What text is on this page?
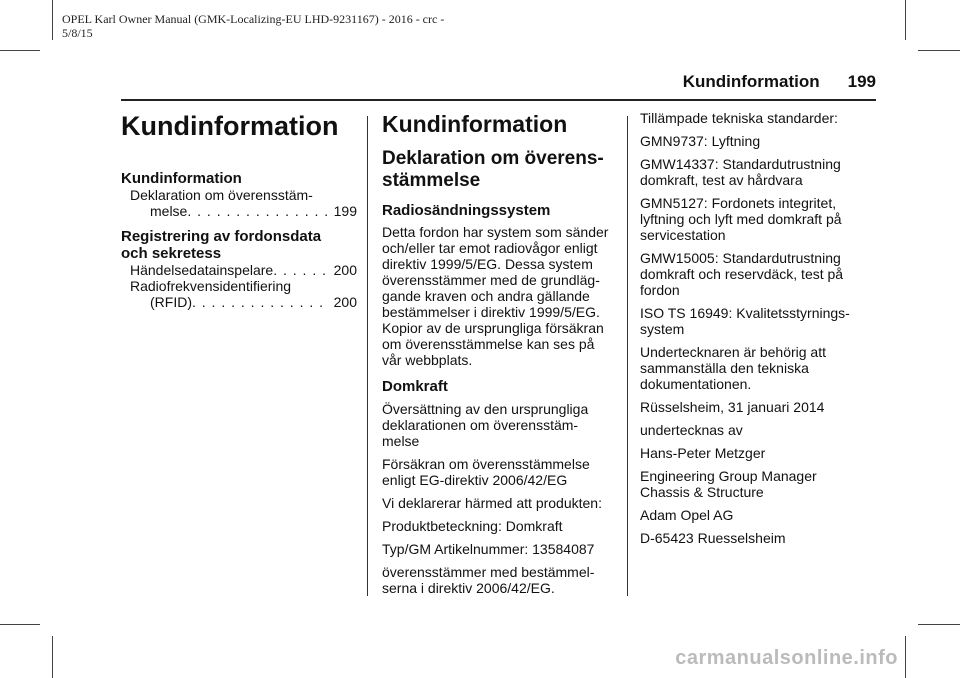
OPEL Karl Owner Manual (GMK-Localizing-EU LHD-9231167) - 2016 - crc -
5/8/15
Kundinformation 199
Kundinformation
Kundinformation
Deklaration om överensstäm-
melse . . .	199
Registrering av fordonsdata
och sekretess
Händelsedatainspelare . . .	200
Radiofrekvensidentifiering
(RFID) . . .	200
Kundinformation
Deklaration om överens-
stämmelse
Radiosändningssystem

Detta fordon har system som sänder
och/eller tar emot radiovågor enligt
direktiv 1999/5/EG. Dessa system
överensstämmer med de grundläg-
gande kraven och andra gällande
bestämmelser i direktiv 1999/5/EG.
Kopior av de ursprungliga försäkran
om överensstämmelse kan ses på
vår webbplats.

Domkraft

Översättning av den ursprungliga
deklarationen om överensstäm-
melse

Försäkran om överensstämmelse
enligt EG-direktiv 2006/42/EG

Vi deklarerar härmed att produkten:

Produktbeteckning: Domkraft

Typ/GM Artikelnummer: 13584087

överensstämmer med bestämmel-
serna i direktiv 2006/42/EG.

Tillämpade tekniska standarder:

GMN9737: Lyftning

GMW14337: Standardutrustning
domkraft, test av hårdvara

GMN5127: Fordonets integritet,
lyftning och lyft med domkraft på
servicestation

GMW15005: Standardutrustning
domkraft och reservdäck, test på
fordon

ISO TS 16949: Kvalitetsstyrnings-
system

Undertecknaren är behörig att
sammanställa den tekniska
dokumentationen.

Rüsselsheim, 31 januari 2014

undertecknas av

Hans-Peter Metzger

Engineering Group Manager
Chassis & Structure

Adam Opel AG

D-65423 Ruesselsheim

carmanualsonline.info
